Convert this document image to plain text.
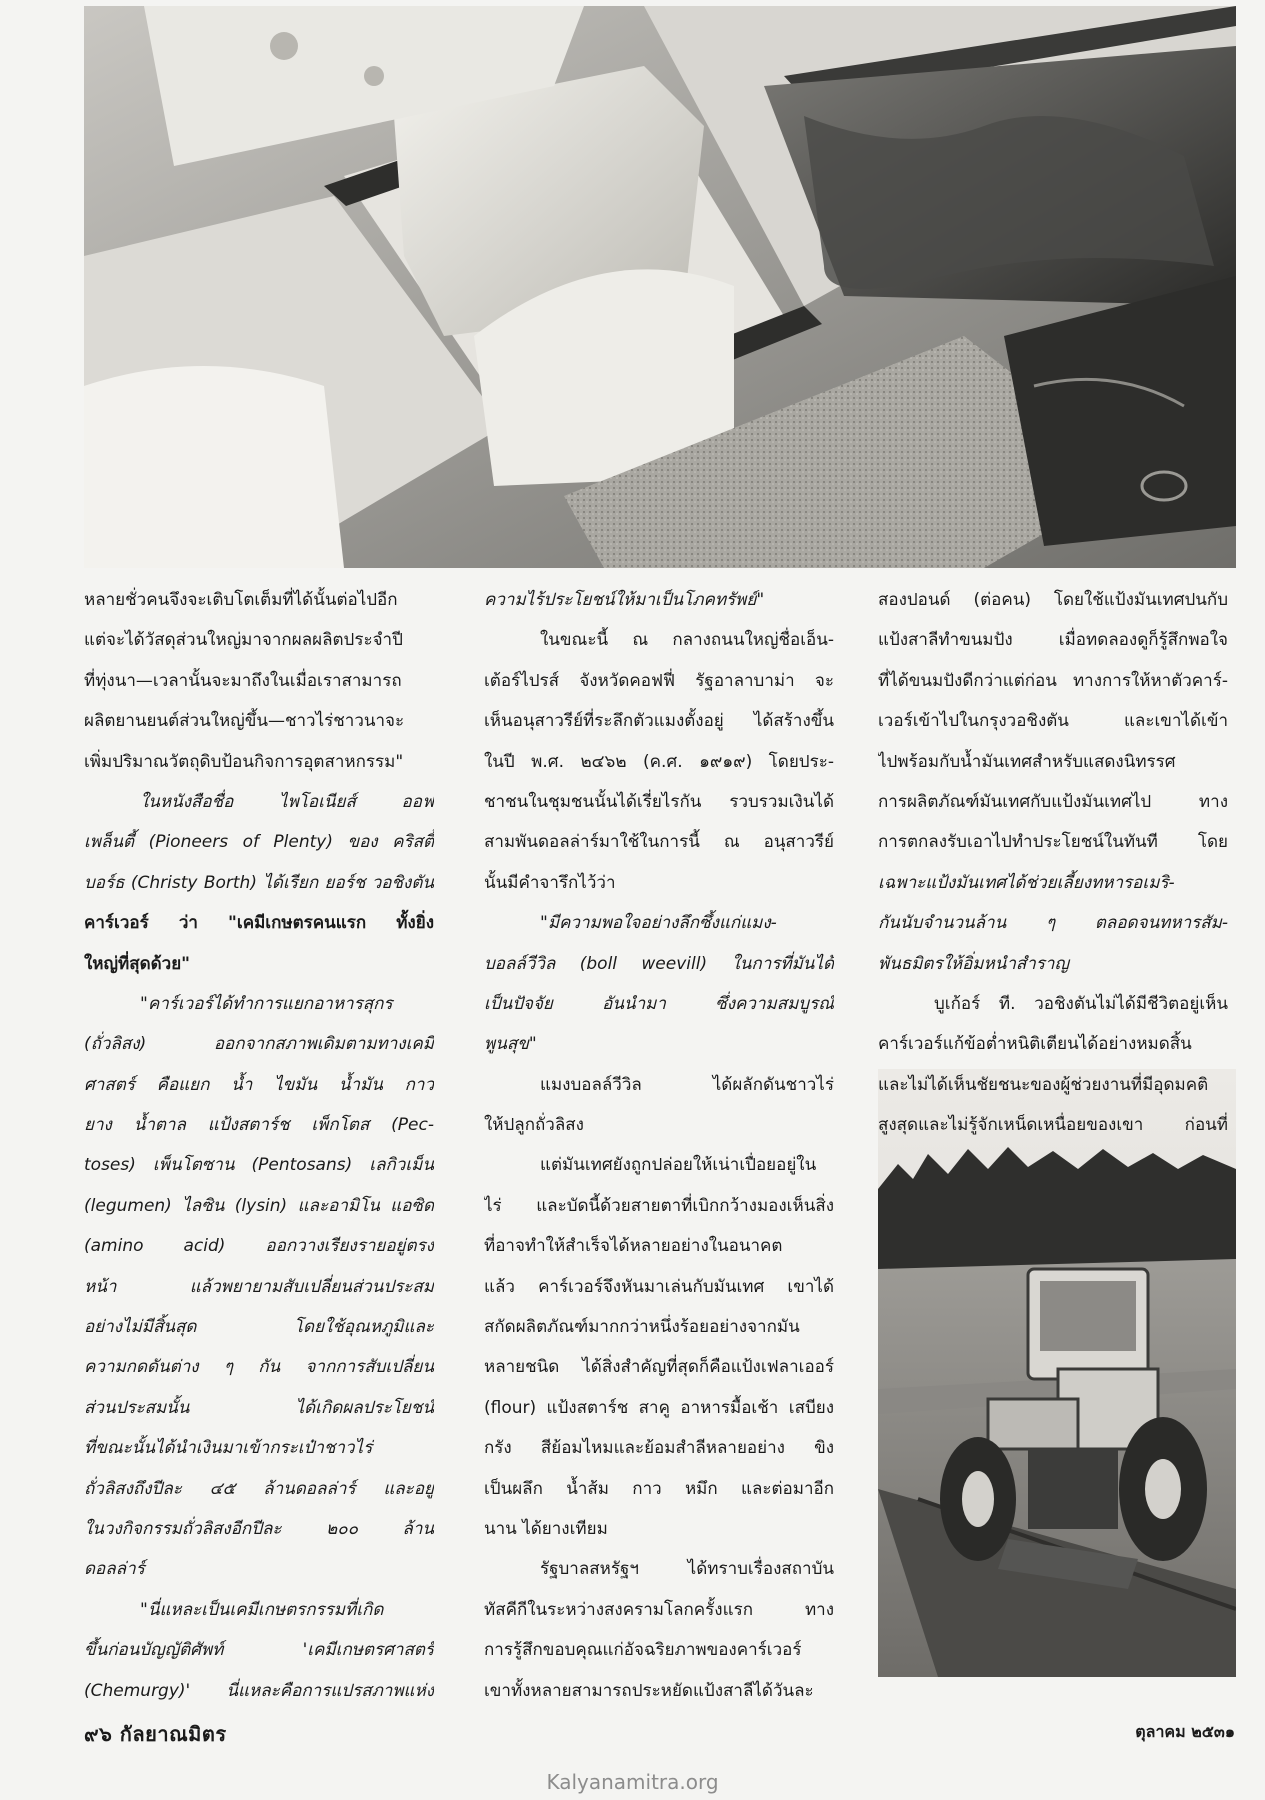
หลายชั่วคนจึงจะเติบโตเต็มที่ได้นั้นต่อไปอีก
แต่จะได้วัสดุส่วนใหญ่มาจากผลผลิตประจำปี
ที่ทุ่งนา—เวลานั้นจะมาถึงในเมื่อเราสามารถ
ผลิตยานยนต์ส่วนใหญ่ขึ้น—ชาวไร่ชาวนาจะ
เพิ่มปริมาณวัตถุดิบป้อนกิจการอุตสาหกรรม"
ในหนังสือชื่อ ไพโอเนียส์ ออฟ
เพล็นตี้ (Pioneers of Plenty) ของ คริสตี้
บอร์ธ (Christy Borth) ได้เรียก ยอร์ช วอชิงตัน
คาร์เวอร์ ว่า "เคมีเกษตรคนแรก ทั้งยิ่ง
ใหญ่ที่สุดด้วย"
"คาร์เวอร์ได้ทำการแยกอาหารสุกร
(ถั่วลิสง) ออกจากสภาพเดิมตามทางเคมี
ศาสตร์ คือแยก น้ำ ไขมัน น้ำมัน กาว
ยาง น้ำตาล แป้งสตาร์ช เพ็กโตส (Pec-
toses) เพ็นโตซาน (Pentosans) เลกิวเม็น
(legumen) ไลซิน (lysin) และอามิโน แอซิด
(amino acid) ออกวางเรียงรายอยู่ตรง
หน้า แล้วพยายามสับเปลี่ยนส่วนประสม
อย่างไม่มีสิ้นสุด โดยใช้อุณหภูมิและ
ความกดดันต่าง ๆ กัน จากการสับเปลี่ยน
ส่วนประสมนั้น ได้เกิดผลประโยชน์
ที่ขณะนั้นได้นำเงินมาเข้ากระเป๋าชาวไร่
ถั่วลิสงถึงปีละ ๔๕ ล้านดอลล่าร์ และอยู่
ในวงกิจกรรมถั่วลิสงอีกปีละ ๒๐๐ ล้าน
ดอลล่าร์
"นี่แหละเป็นเคมีเกษตรกรรมที่เกิด
ขึ้นก่อนบัญญัติศัพท์ 'เคมีเกษตรศาสตร์
(Chemurgy)' นี่แหละคือการแปรสภาพแห่ง
ความไร้ประโยชน์ให้มาเป็นโภคทรัพย์"
ในขณะนี้ ณ กลางถนนใหญ่ชื่อเอ็น-
เต้อร์ไปรส์ จังหวัดคอฟฟี่ รัฐอาลาบาม่า จะ
เห็นอนุสาวรีย์ที่ระลึกตัวแมงตั้งอยู่ ได้สร้างขึ้น
ในปี พ.ศ. ๒๔๖๒ (ค.ศ. ๑๙๑๙) โดยประ-
ชาชนในชุมชนนั้นได้เรี่ยไรกัน รวบรวมเงินได้
สามพันดอลล่าร์มาใช้ในการนี้ ณ อนุสาวรีย์
นั้นมีคำจารึกไว้ว่า
"มีความพอใจอย่างลึกซึ้งแก่แมง-
บอลล์วีวิล (boll weevill) ในการที่มันได้
เป็นปัจจัย อันนำมา ซึ่งความสมบูรณ์
พูนสุข"
แมงบอลล์วีวิล ได้ผลักดันชาวไร่
ให้ปลูกถั่วลิสง
แต่มันเทศยังถูกปล่อยให้เน่าเปื่อยอยู่ใน
ไร่ และบัดนี้ด้วยสายตาที่เบิกกว้างมองเห็นสิ่ง
ที่อาจทำให้สำเร็จได้หลายอย่างในอนาคต
แล้ว คาร์เวอร์จึงหันมาเล่นกับมันเทศ เขาได้
สกัดผลิตภัณฑ์มากกว่าหนึ่งร้อยอย่างจากมัน
หลายชนิด ได้สิ่งสำคัญที่สุดก็คือแป้งเฟลาเออร์
(flour) แป้งสตาร์ช สาคู อาหารมื้อเช้า เสบียง
กรัง สีย้อมไหมและย้อมสำลีหลายอย่าง ขิง
เป็นผลึก น้ำส้ม กาว หมึก และต่อมาอีก
นาน ได้ยางเทียม
รัฐบาลสหรัฐฯ ได้ทราบเรื่องสถาบัน
ทัสคีกีในระหว่างสงครามโลกครั้งแรก ทาง
การรู้สึกขอบคุณแก่อัจฉริยภาพของคาร์เวอร์
เขาทั้งหลายสามารถประหยัดแป้งสาลีได้วันละ
สองปอนด์ (ต่อคน) โดยใช้แป้งมันเทศปนกับ
แป้งสาลีทำขนมปัง เมื่อทดลองดูก็รู้สึกพอใจ
ที่ได้ขนมปังดีกว่าแต่ก่อน ทางการให้หาตัวคาร์-
เวอร์เข้าไปในกรุงวอชิงตัน และเขาได้เข้า
ไปพร้อมกับน้ำมันเทศสำหรับแสดงนิทรรศ
การผลิตภัณฑ์มันเทศกับแป้งมันเทศไป ทาง
การตกลงรับเอาไปทำประโยชน์ในทันที โดย
เฉพาะแป้งมันเทศได้ช่วยเลี้ยงทหารอเมริ-
กันนับจำนวนล้าน ๆ ตลอดจนทหารสัม-
พันธมิตรให้อิ่มหนำสำราญ
บูเก้อร์ ที. วอชิงตันไม่ได้มีชีวิตอยู่เห็น
คาร์เวอร์แก้ข้อต่ำหนิติเตียนได้อย่างหมดสิ้น
และไม่ได้เห็นชัยชนะของผู้ช่วยงานที่มีอุดมคติ
สูงสุดและไม่รู้จักเหน็ดเหนื่อยของเขา ก่อนที่
๙๖ กัลยาณมิตร	ตุลาคม ๒๕๓๑
Kalyanamitra.org
